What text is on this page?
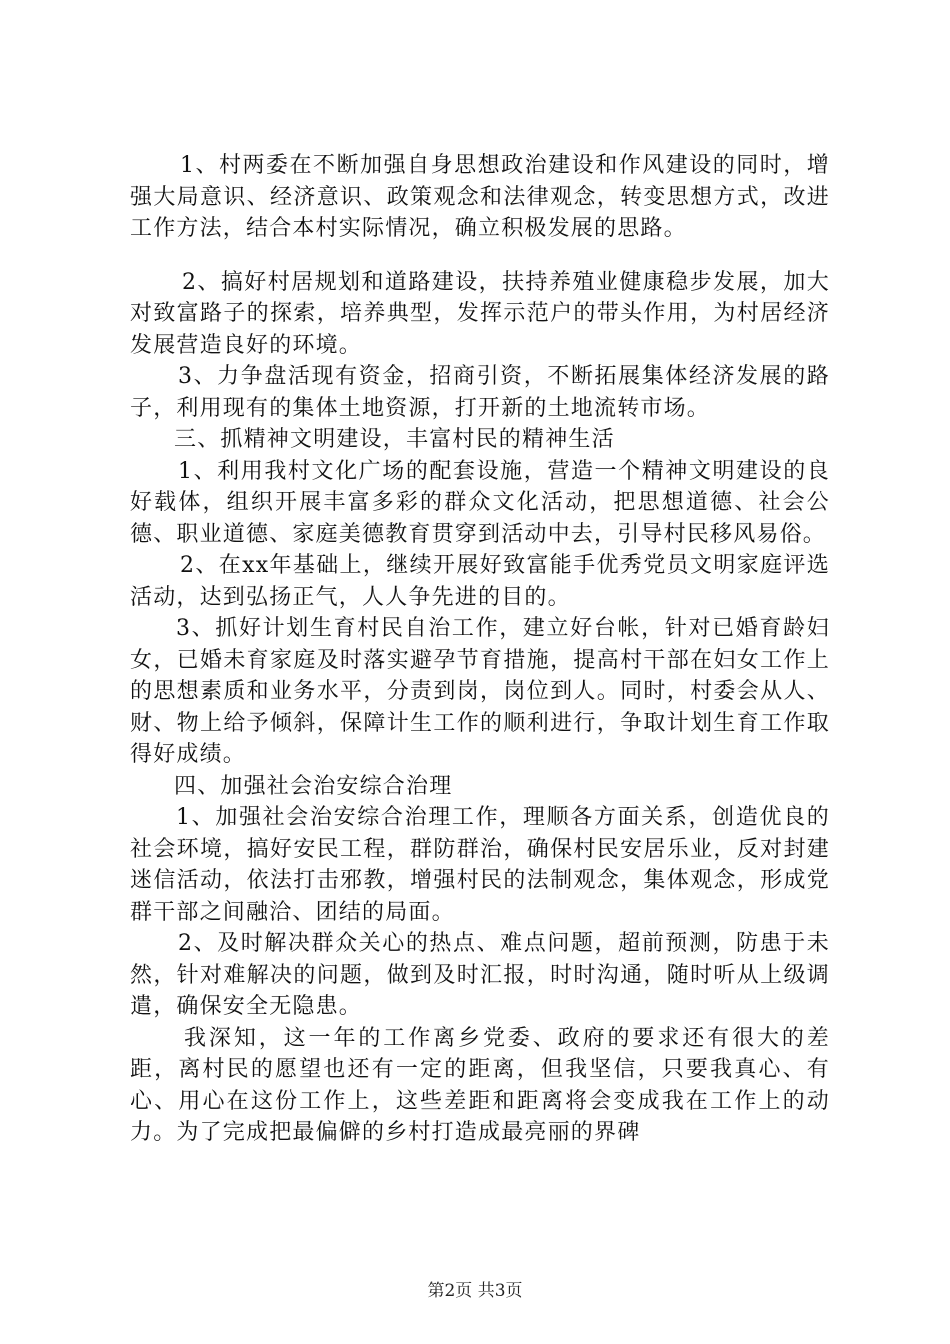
1、村两委在不断加强自身思想政治建设和作风建设的同时，增强大局意识、经济意识、政策观念和法律观念，转变思想方式，改进工作方法，结合本村实际情况，确立积极发展的思路。

2、搞好村居规划和道路建设，扶持养殖业健康稳步发展，加大对致富路子的探索，培养典型，发挥示范户的带头作用，为村居经济发展营造良好的环境。

3、力争盘活现有资金，招商引资，不断拓展集体经济发展的路子，利用现有的集体土地资源，打开新的土地流转市场。

三、抓精神文明建设，丰富村民的精神生活

1、利用我村文化广场的配套设施，营造一个精神文明建设的良好载体，组织开展丰富多彩的群众文化活动，把思想道德、社会公德、职业道德、家庭美德教育贯穿到活动中去，引导村民移风易俗。

2、在xx年基础上，继续开展好致富能手优秀党员文明家庭评选活动，达到弘扬正气，人人争先进的目的。

3、抓好计划生育村民自治工作，建立好台帐，针对已婚育龄妇女，已婚未育家庭及时落实避孕节育措施，提高村干部在妇女工作上的思想素质和业务水平，分责到岗，岗位到人。同时，村委会从人、财、物上给予倾斜，保障计生工作的顺利进行，争取计划生育工作取得好成绩。

四、加强社会治安综合治理

1、加强社会治安综合治理工作，理顺各方面关系，创造优良的社会环境，搞好安民工程，群防群治，确保村民安居乐业，反对封建迷信活动，依法打击邪教，增强村民的法制观念，集体观念，形成党群干部之间融洽、团结的局面。

2、及时解决群众关心的热点、难点问题，超前预测，防患于未然，针对难解决的问题，做到及时汇报，时时沟通，随时听从上级调遣，确保安全无隐患。

我深知，这一年的工作离乡党委、政府的要求还有很大的差距，离村民的愿望也还有一定的距离，但我坚信，只要我真心、有心、用心在这份工作上，这些差距和距离将会变成我在工作上的动力。为了完成把最偏僻的乡村打造成最亮丽的界碑

第2页 共3页
